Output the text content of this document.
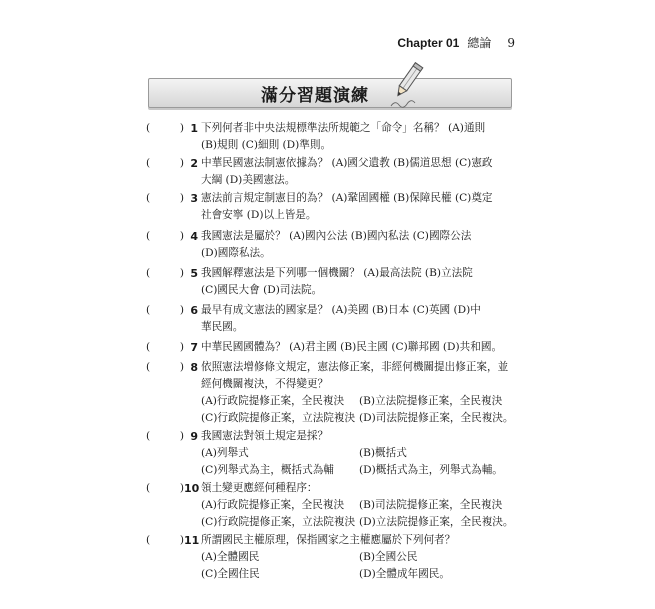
Chapter 01 總論 9
滿分習題演練
(	) 1 下列何者非中央法規標準法所規範之「命令」名稱？ (A)通則
(B)規則 (C)細則 (D)準則。
(	) 2 中華民國憲法制憲依據為？ (A)國父遺教 (B)儒道思想 (C)憲政
大綱 (D)美國憲法。
(	) 3 憲法前言規定制憲目的為？ (A)鞏固國權 (B)保障民權 (C)奠定
社會安寧 (D)以上皆是。
(	) 4 我國憲法是屬於？ (A)國內公法 (B)國內私法 (C)國際公法
(D)國際私法。
(	) 5 我國解釋憲法是下列哪一個機關？ (A)最高法院 (B)立法院
(C)國民大會 (D)司法院。
(	) 6 最早有成文憲法的國家是？ (A)美國 (B)日本 (C)英國 (D)中
華民國。
(	) 7 中華民國國體為？ (A)君主國 (B)民主國 (C)聯邦國 (D)共和國。
(	) 8 依照憲法增修條文規定，憲法修正案，非經何機關提出修正案，並
經何機關複決，不得變更？
(A)行政院提修正案，全民複決	(B)立法院提修正案，全民複決
(C)行政院提修正案，立法院複決 (D)司法院提修正案，全民複決。
(	) 9 我國憲法對領土規定是採？
(A)列舉式	(B)概括式
(C)列舉式為主，概括式為輔	(D)概括式為主，列舉式為輔。
(	) 10 領土變更應經何種程序：
(A)行政院提修正案，全民複決	(B)司法院提修正案，全民複決
(C)行政院提修正案，立法院複決 (D)立法院提修正案，全民複決。
(	) 11 所謂國民主權原理，保指國家之主權應屬於下列何者？
(A)全體國民	(B)全國公民
(C)全國住民	(D)全體成年國民。
